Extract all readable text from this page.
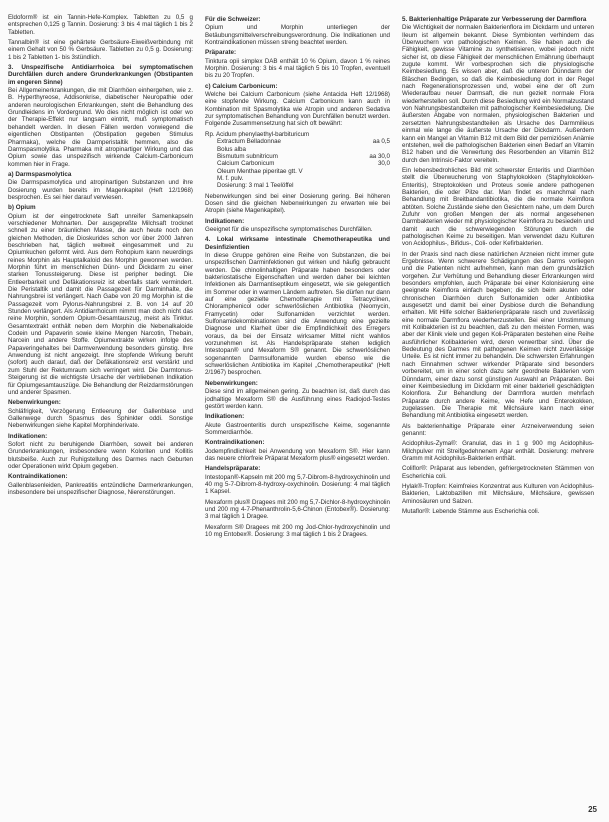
Eldoform® ist ein Tannin-Hefe-Komplex. Tabletten zu 0,5 g entsprechen 0,125 g Tannin. Dosierung: 3 bis 4 mal täglich 1 bis 2 Tabletten.

Tannalbin® ist eine gehärtete Gerbsäure-Eiweißverbindung mit einem Gehalt von 50 % Gerbsäure. Tabletten zu 0,5 g. Dosierung: 1 bis 2 Tabletten 1- bis 3stündlich.

3. Unspezifische Antidiarrhoica bei symptomatischen Durchfällen durch andere Grunderkrankungen (Obstipanten im engeren Sinne)

Bei Allgemeinerkrankungen, die mit Diarrhöen einhergehen, wie z. B. Hyperthyreose, Addisonkrise, diabetischer Neuropathie oder anderen neurologischen Erkrankungen, steht die Behandlung des Grundleidens im Vordergrund. Wo dies nicht möglich ist oder wo der Therapie-Effekt nur langsam eintritt, muß symptomatisch behandelt werden. In diesen Fällen werden vorwiegend die eigentlichen Obstipanten (Obstipation gegeben Stimulus Pharmaka), welche die Darmperistaltik hemmen, also die Darmspasmolytika. Pharmaka mit atropinartiger Wirkung und das Opium sowie das unspezifisch wirkende Calcium-Carbonicum kommen hier in Frage.

a) Darmspasmolytica

Die Darmspasmolytica und atropinartigen Substanzen und ihre Dosierung wurden bereits im Magenkapitel (Heft 12/1968) besprochen. Es sei hier darauf verwiesen.

b) Opium

Opium ist der eingetrocknete Saft unreifer Samenkapseln verschiedener Mohnarten. Der ausgepreßte Milchsaft trocknet schnell zu einer bräunlichen Masse, die auch heute noch den gleichen Methoden, die Dioskurides schon vor über 2000 Jahren beschrieben hat, täglich weltweit eingesammelt und zu Opiumkuchen geformt wird. Aus dem Rohopium kann neuerdings reines Morphin als Hauptalkaloid des Morphin gewonnen werden. Morphin führt im menschlichen Dünn- und Dickdarm zu einer starken Tonussteigerung. Diese ist peripher bedingt. Die Entleerbarkeit und Defäkationsreiz ist ebenfalls stark vermindert. Die Peristaltik und damit die Passagezeit für Darminhalte, die Nahrungsbrei ist verlängert. Nach Gabe von 20 mg Morphin ist die Passagezeit vom Pylorus-Nahrungsbrei z. B. von 14 auf 20 Stunden verlängert. Als Antidiarrhoicum nimmt man doch nicht das reine Morphin, sondern Opium-Gesamtauszug, meist als Tinktur. Gesamtextrakt enthält neben dem Morphin die Nebenalkaloide Codein und Papaverin sowie kleine Mengen Narcotin, Thebain, Narcein und andere Stoffe. Opiumextrakte wirken infolge des Papaveringehaltes bei Darmverwendung besonders günstig. Ihre Anwendung ist nicht angezeigt. Ihre stopfende Wirkung beruht (sofort) auch darauf, daß der Defäkationsreiz erst verstärkt und zum Stuhl der Rektumraum sich verringert wird. Die Darmtonus-Steigerung ist die wichtigste Ursache der verbliebenen Indikation für Opiumgesamtauszüge. Die Behandlung der Reizdarmstörungen und anderer Spasmen.

Nebenwirkungen:

Schläfrigkeit, Verzögerung Entleerung der Gallenblase und Gallenwege durch Spasmus des Sphinkter oddi. Sonstige Nebenwirkungen siehe Kapitel Morphinderivate.

Indikationen:

Sofort nicht zu beruhigende Diarrhöen, soweit bei anderen Grunderkrankungen, insbesondere wenn Koloriten und Kollitis blutsbeiße. Auch zur Ruhigstellung des Darmes nach Geburten oder Operationen wirkt Opium gegeben.

Kontraindikationen:

Gallenblasenleiden, Pankreatitis entzündliche Darmerkrankungen, insbesondere bei unspezifischer Diagnose, Nierenstörungen.

Für die Schweizer:

Opium und Morphin unterliegen der Betäubungsmittelverschreibungsverordnung. Die Indikationen und Kontraindikationen müssen streng beachtet werden.

Präparate:

Tinktura opii simplex DAB enthält 10 % Opium, davon 1 % reines Morphin. Dosierung: 3 bis 4 mal täglich 5 bis 10 Tropfen, eventuell bis zu 20 Tropfen.

c) Calcium Carbonicum:

Welche bei Calcium Carbonicum (siehe Antacida Heft 12/1968) eine stopfende Wirkung. Calcium Carbonicum kann auch in Kombination mit Spasmolytika wie Atropin und anderen Sedativa zur symptomatischen Behandlung von Durchfällen benutzt werden. Folgende Zusammensetzung hat sich oft bewährt:

Rp. Acidum phenylaethyl-barbituricum
Extractum Belladonnae	aa 0,5
Bolus alba
Bismutum subnitricum	aa 30,0
Calcium Carbonicum	30,0
Oleum Menthae piperitae gtt. V
M. f. pulv.
Dosierung: 3 mal 1 Teelöffel

Nebenwirkungen sind bei einer Dosierung gering. Bei höheren Dosen sind die gleichen Nebenwirkungen zu erwarten wie bei Atropin (siehe Magenkapitel).

Indikationen:

Geeignet für die unspezifische symptomatisches Durchfällen.

4. Lokal wirksame intestinale Chemotherapeutika und Desinfizientien

In diese Gruppe gehören eine Reihe von Substanzen, die bei unspezifischen Darminfektionen gut wirken und häufig gebraucht werden. Die chinolinhaltigen Präparate haben besonders oder bakteriostatische Eigenschaften und werden daher bei leichten Infektionen als Darmantiseptikum eingesetzt, wie sie gelegentlich im Sommer oder in warmen Ländern auftreten. Sie dürfen nur dann auf eine gezielte Chemotherapie mit Tetracyclinen, Chloramphenicol oder schwerlöslichen Antibiotika (Neomycin, Framycetin) oder Sulfonamiden verzichtet werden. Sulfonamidekombinationen sind die Anwendung eine gezielte Diagnose und Klarheit über die Empfindlichkeit des Erregers voraus, da bei der Einsatz wirksamer Mittel nicht wahllos vorzunehmen ist. Als Handelspräparate stehen lediglich Intestopan® und Mexaform S® genannt. Die schwerlöslichen sogenannten Darmsulfonamide wurden ebenso wie die schwerlöslichen Antibiotika im Kapitel „Chemotherapeutika“ (Heft 2/1967) besprochen.

Nebenwirkungen:

Diese sind im allgemeinen gering. Zu beachten ist, daß durch das jodhaltige Mexaform S® die Ausführung eines Radiojod-Testes gestört werden kann.

Indikationen:

Akute Gastroenteritis durch unspezifische Keime, sogenannte Sommerdiarrhöe.

Kontraindikationen:

Jodempfindlichkeit bei Anwendung von Mexaform S®. Hier kann das neuere chlorfreie Präparat Mexaform plus® eingesetzt werden.

Handelspräparate:

Intestopan®-Kapseln mit 200 mg 5,7-Dibrom-8-hydroxychinolin und 40 mg 5-7-Dibrom-8-hydroxy-oxychinolin. Dosierung: 4 mal täglich 1 Kapsel.

Mexaform plus® Dragees mit 200 mg 5,7-Dichlor-8-hydroxychinolin und 200 mg 4-7-Phenanthrolin-5,6-Chinon (Entobex®). Dosierung: 3 mal täglich 1 Dragee.

Mexaform S® Dragees mit 200 mg Jod-Chlor-hydroxychinolin und 10 mg Entobex®. Dosierung: 3 mal täglich 1 bis 2 Dragees.

5. Bakterienhaltige Präparate zur Verbesserung der Darmflora

Die Wichtigkeit der normalen Bakterienflora im Dickdarm und unteren Ileum ist allgemein bekannt. Diese Symbionten verhindern das Überwuchern von pathologischen Keimen. Sie haben auch die Fähigkeit, gewisse Vitamine zu synthetisieren, wobei jedoch nicht sicher ist, ob diese Fähigkeit der menschlichen Ernährung überhaupt zugute kommt. Wir vorbesprochen sich die physiologische Keimbesiedlung. Es wissen aber, daß die unteren Dünndarm der Bläschen Bedingen, so daß die Keimbesiedlung dort in der Regel nach Regenerationsprozessen und, wobei eine der oft zum Wiederaufbau neuer Darmsaft, die nun gezielt normale Flora wiederherstellen soll. Durch diese Besiedlung wird ein Normalzustand von Nahrungsbestandteilen mit pathologischer Keimbesiedelung. Die äußersten Abgabe von normalen, physiologischen Bakterien und zersetzten Nahrungsbestandteilen als Ursache des Darmmilieus einmal wie lange die äußerste Ursache der Dickdarm. Außerdem kann ein Mangel an Vitamin B12 mit dem Bild der perniziösen Anämie entstehen, weil die pathologischen Bakterien einen Bedarf an Vitamin B12 haben und die Verwertung des Resorbenden an Vitamin B12 durch den Intrinsic-Faktor vereiteln.

Ein lebensbedrohliches Bild mit schwerster Enteritis und Diarrhöen stellt die Überwucherung von Staphylokokken (Staphylokokken-Enteritis), Streptokokken und Proteus sowie andere pathogenen Bakterien, die oder Pilze dar. Man findet es manchmal nach Behandlung mit Breitbandantibiotika, die die normale Keimflora abtöten. Solche Zustände siehe den Gesichtern nahe, um dem Durch Zufuhr von großen Mengen der als normal angesehenen Darmbakterien wieder mit physiologischer Keimflora zu besiedeln und damit auch die schwerwiegenden Störungen durch die pathologischen Keime zu beseitigen. Man verwendet dazu Kulturen von Acidophilus-, Bifidus-, Coli- oder Kefirbakterien.

In der Praxis sind nach diese natürlichen Arzneien nicht immer gute Ergebnisse. Wenn schwerere Schädigungen des Darms vorliegen und die Patienten nicht aufnehmen, kann man dem grundsätzlich vorgehen. Zur Verhütung und Behandlung dieser Erkrankungen wird besonders empfohlen, auch Präparate bei einer Kolonisierung eine geeignete Keimflora einfach begeben; die sich beim akuten oder chronischen Diarrhöen durch Sulfonamiden oder Antibiotika ausgesetzt und damit bei einer Dysbiose durch die Behandlung erhalten. Mit Hilfe solcher Bakterienpräparate rasch und zuverlässig eine normale Darmflora wiederherzustellen. Bei einer Umstimmung mit Kolibakterien ist zu beachten, daß zu den meisten Formen, was aber der Klinik viele und gegen Koli-Präparaten bestehen eine Reihe ausführlicher Kolibakterien wird, deren verwertbar sind. Über die Bedeutung des Darmes mit pathogenen Keimen nicht zuverlässige Urteile. Es ist nicht immer zu behandeln. Die schwersten Erfahrungen nach Einnahmen schwer wirkender Präparate sind besonders vorbereitet, um in einer solch dazu sehr geordnete Bakterien vom Dünndarm, einer dazu sonst günstigen Auswahl an Präparaten. Bei einer Keimbesiedlung im Dickdarm mit einer bakteriell geschädigten Kolonflora. Zur Behandlung der Darmflora wurden mehrfach Präparate durch andere Keime, wie Hefe und Enterokokken, zugelassen. Die Therapie mit Milchsäure kann nach einer Behandlung mit Antibiotika eingesetzt werden.

Als bakterienhaltige Präparate einer Arzneiverwendung seien genannt:

Acidophilus-Zyma®: Granulat, das in 1 g 900 mg Acidophilus-Milchpulver mit Streifgedehnenem Agar enthält. Dosierung: mehrere Gramm mit Acidophilus-Bakterien enthält.

Coliflor®: Präparat aus lebenden, gefriergetrockneten Stämmen von Escherichia coli.

Hylak®-Tropfen: Keimfreies Konzentrat aus Kulturen von Acidophilus-Bakterien, Laktobazillen mit Milchsäure, Milchsäure, gewissen Aminosäuren und Salzen.

Mutaflor®: Lebende Stämme aus Escherichia coli.

25
